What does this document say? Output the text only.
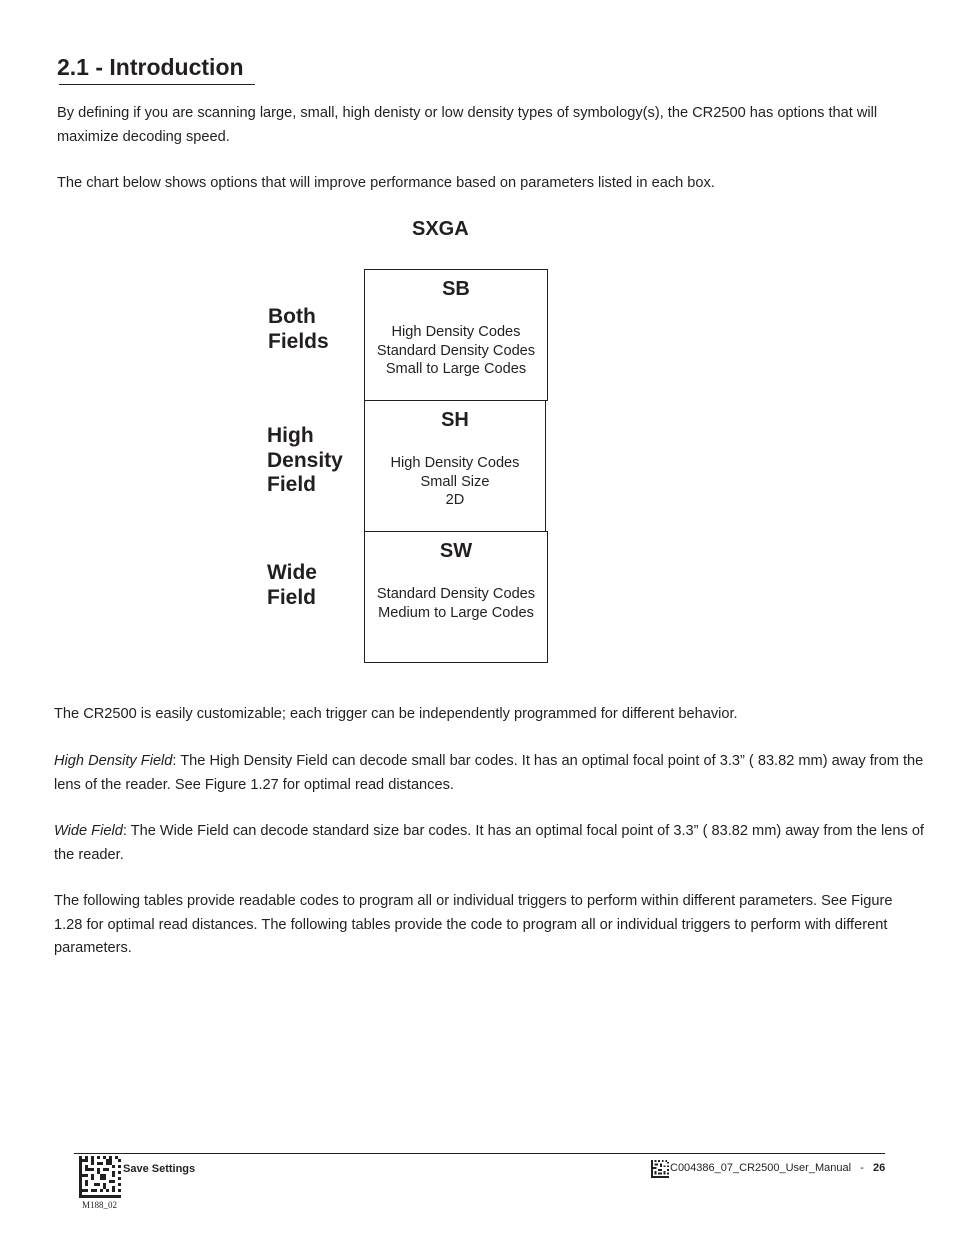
2.1 - Introduction

By defining if you are scanning large, small, high denisty or low density types of symbology(s), the CR2500 has options that will maximize decoding speed.

The chart below shows options that will improve performance based on parameters listed in each box.

SXGA
Both
Fields
High
Density
Field
Wide
Field
SB
High Density Codes
Standard Density Codes
Small to Large Codes
SH
High Density Codes
Small Size
2D
SW
Standard Density Codes
Medium to Large Codes

The CR2500 is easily customizable; each trigger can be independently programmed for different behavior.

High Density Field: The High Density Field can decode small bar codes. It has an optimal focal point of 3.3” ( 83.82 mm) away from the lens of the reader. See Figure 1.27 for optimal read distances.

Wide Field: The Wide Field can decode standard size bar codes. It has an optimal focal point of 3.3” ( 83.82 mm) away from the lens of the reader.

The following tables provide readable codes to program all or individual triggers to perform within different parameters. See Figure 1.28 for optimal read distances. The following tables provide the code to program all or individual triggers to perform with different parameters.

Save Settings
M188_02
C004386_07_CR2500_User_Manual - 26
